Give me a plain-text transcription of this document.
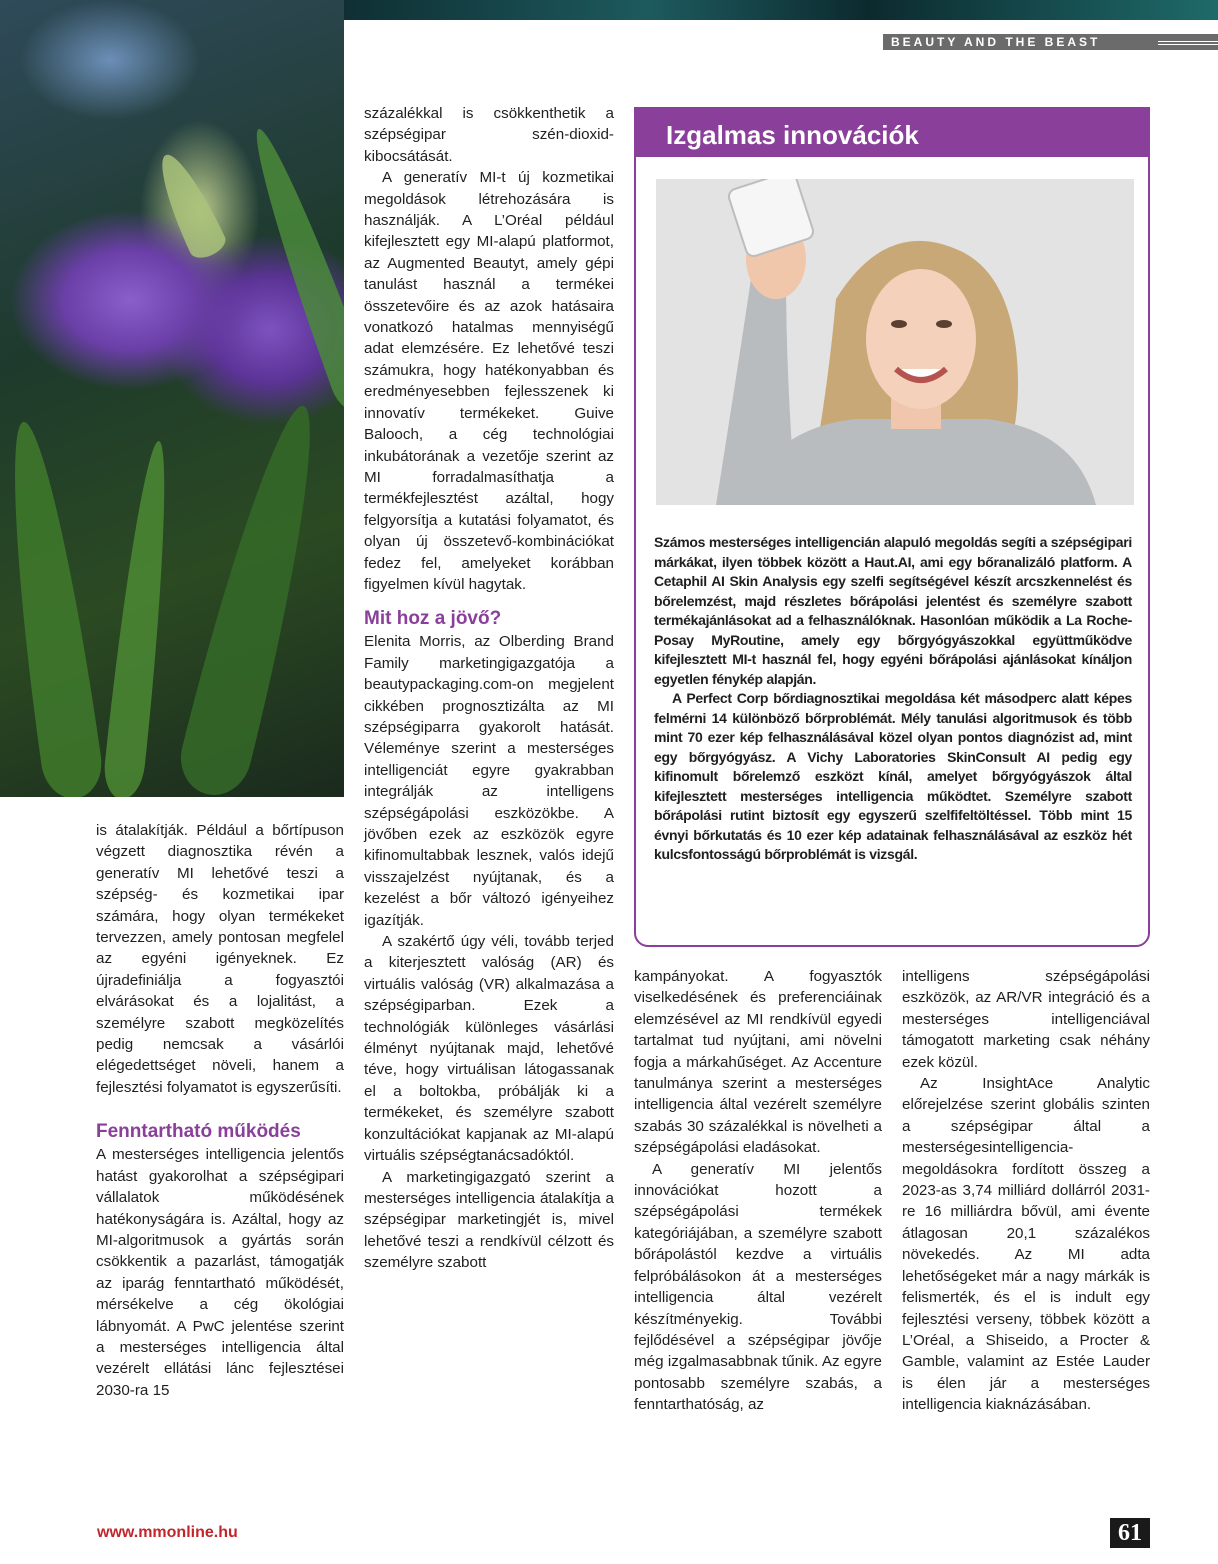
BEAUTY AND THE BEAST

százalékkal is csökkenthetik a szépségipar szén-dioxid-kibocsátását.

A generatív MI-t új kozmetikai megoldások létrehozására is használják. A L’Oréal például kifejlesztett egy MI-alapú platformot, az Augmented Beautyt, amely gépi tanulást használ a termékei összetevőire és az azok hatásaira vonatkozó hatalmas mennyiségű adat elemzésére. Ez lehetővé teszi számukra, hogy hatékonyabban és eredményesebben fejlesszenek ki innovatív termékeket. Guive Balooch, a cég technológiai inkubátorának a vezetője szerint az MI forradalmasíthatja a termékfejlesztést azáltal, hogy felgyorsítja a kutatási folyamatot, és olyan új összetevő-kombinációkat fedez fel, amelyeket korábban figyelmen kívül hagytak.

Mit hoz a jövő?

Elenita Morris, az Olberding Brand Family marketingigazgatója a beautypackaging.com-on megjelent cikkében prognosztizálta az MI szépségiparra gyakorolt hatását. Véleménye szerint a mesterséges intelligenciát egyre gyakrabban integrálják az intelligens szépségápolási eszközökbe. A jövőben ezek az eszközök egyre kifinomultabbak lesznek, valós idejű visszajelzést nyújtanak, és a kezelést a bőr változó igényeihez igazítják.

A szakértő úgy véli, tovább terjed a kiterjesztett valóság (AR) és virtuális valóság (VR) alkalmazása a szépségiparban. Ezek a technológiák különleges vásárlási élményt nyújtanak majd, lehetővé téve, hogy virtuálisan látogassanak el a boltokba, próbálják ki a termékeket, és személyre szabott konzultációkat kapjanak az MI-alapú virtuális szépségtanácsadóktól.

A marketingigazgató szerint a mesterséges intelligencia átalakítja a szépségipar marketingjét is, mivel lehetővé teszi a rendkívül célzott és személyre szabott

is átalakítják. Például a bőrtípuson végzett diagnosztika révén a generatív MI lehetővé teszi a szépség- és kozmetikai ipar számára, hogy olyan termékeket tervezzen, amely pontosan megfelel az egyéni igényeknek. Ez újradefiniálja a fogyasztói elvárásokat és a lojalitást, a személyre szabott megközelítés pedig nemcsak a vásárlói elégedettséget növeli, hanem a fejlesztési folyamatot is egyszerűsíti.

Fenntartható működés

A mesterséges intelligencia jelentős hatást gyakorolhat a szépségipari vállalatok működésének hatékonyságára is. Azáltal, hogy az MI-algoritmusok a gyártás során csökkentik a pazarlást, támogatják az iparág fenntartható működését, mérsékelve a cég ökológiai lábnyomát. A PwC jelentése szerint a mesterséges intelligencia által vezérelt ellátási lánc fejlesztései 2030-ra 15

Izgalmas innovációk

Számos mesterséges intelligencián alapuló megoldás segíti a szépségipari márkákat, ilyen többek között a Haut.AI, ami egy bőranalizáló platform. A Cetaphil AI Skin Analysis egy szelfi segítségével készít arcszkennelést és bőrelemzést, majd részletes bőrápolási jelentést és személyre szabott termékajánlásokat ad a felhasználóknak. Hasonlóan működik a La Roche-Posay MyRoutine, amely egy bőrgyógyászokkal együttműködve kifejlesztett MI-t használ fel, hogy egyéni bőrápolási ajánlásokat kínáljon egyetlen fénykép alapján.

A Perfect Corp bőrdiagnosztikai megoldása két másodperc alatt képes felmérni 14 különböző bőrproblémát. Mély tanulási algoritmusok és több mint 70 ezer kép felhasználásával közel olyan pontos diagnózist ad, mint egy bőrgyógyász. A Vichy Laboratories SkinConsult AI pedig egy kifinomult bőrelemző eszközt kínál, amelyet bőrgyógyászok által kifejlesztett mesterséges intelligencia működtet. Személyre szabott bőrápolási rutint biztosít egy egyszerű szelfifeltöltéssel. Több mint 15 évnyi bőrkutatás és 10 ezer kép adatainak felhasználásával az eszköz hét kulcsfontosságú bőrproblémát is vizsgál.

kampányokat. A fogyasztók viselkedésének és preferenciáinak elemzésével az MI rendkívül egyedi tartalmat tud nyújtani, ami növelni fogja a márkahűséget. Az Accenture tanulmánya szerint a mesterséges intelligencia által vezérelt személyre szabás 30 százalékkal is növelheti a szépségápolási eladásokat.

A generatív MI jelentős innovációkat hozott a szépségápolási termékek kategóriájában, a személyre szabott bőrápolástól kezdve a virtuális felpróbálásokon át a mesterséges intelligencia által vezérelt készítményekig. További fejlődésével a szépségipar jövője még izgalmasabbnak tűnik. Az egyre pontosabb személyre szabás, a fenntarthatóság, az

intelligens szépségápolási eszközök, az AR/VR integráció és a mesterséges intelligenciával támogatott marketing csak néhány ezek közül.

Az InsightAce Analytic előrejelzése szerint globális szinten a szépségipar által a mesterségesintelligencia-megoldásokra fordított összeg a 2023-as 3,74 milliárd dollárról 2031-re 16 milliárdra bővül, ami évente átlagosan 20,1 százalékos növekedés. Az MI adta lehetőségeket már a nagy márkák is felismerték, és el is indult egy fejlesztési verseny, többek között a L’Oréal, a Shiseido, a Procter & Gamble, valamint az Estée Lauder is élen jár a mesterséges intelligencia kiaknázásában.

www.mmonline.hu	61
